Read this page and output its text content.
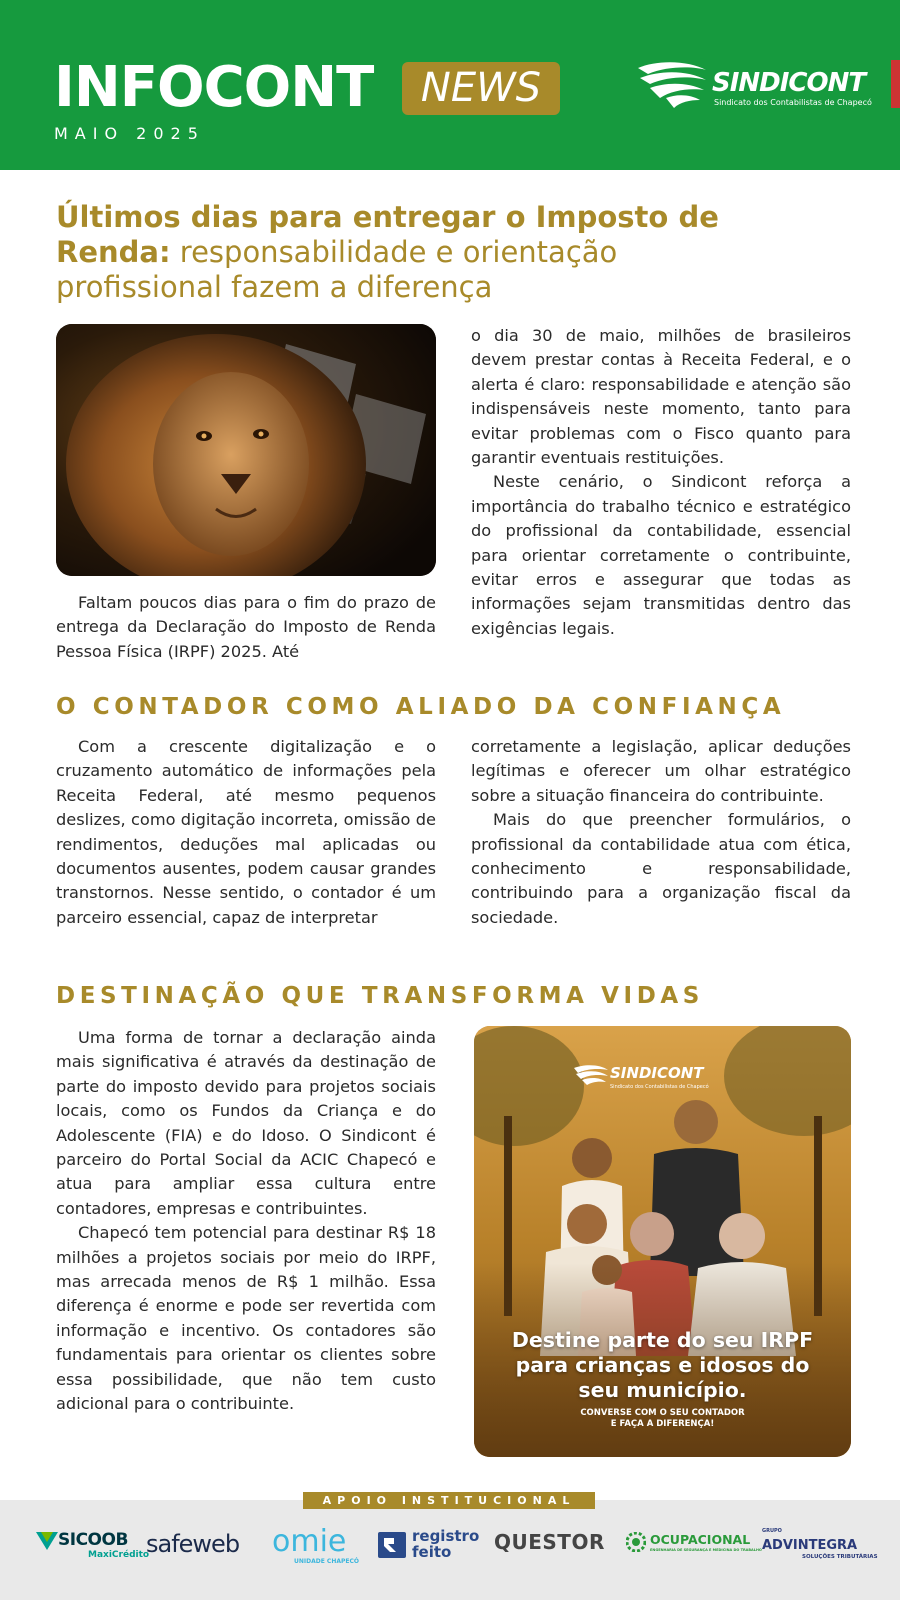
INFOCONT	NEWS
MAIO 2025
SINDICONT
Sindicato dos Contabilistas de Chapecó
Últimos dias para entregar o Imposto de Renda: responsabilidade e orientação profissional fazem a diferença

Faltam poucos dias para o fim do prazo de entrega da Declaração do Imposto de Renda Pessoa Física (IRPF) 2025. Até

o dia 30 de maio, milhões de brasileiros devem prestar contas à Receita Federal, e o alerta é claro: responsabilidade e atenção são indispensáveis neste momento, tanto para evitar problemas com o Fisco quanto para garantir eventuais restituições.

Neste cenário, o Sindicont reforça a importância do trabalho técnico e estratégico do profissional da contabilidade, essencial para orientar corretamente o contribuinte, evitar erros e assegurar que todas as informações sejam transmitidas dentro das exigências legais.

O CONTADOR COMO ALIADO DA CONFIANÇA

Com a crescente digitalização e o cruzamento automático de informações pela Receita Federal, até mesmo pequenos deslizes, como digitação incorreta, omissão de rendimentos, deduções mal aplicadas ou documentos ausentes, podem causar grandes transtornos. Nesse sentido, o contador é um parceiro essencial, capaz de interpretar

corretamente a legislação, aplicar deduções legítimas e oferecer um olhar estratégico sobre a situação financeira do contribuinte.

Mais do que preencher formulários, o profissional da contabilidade atua com ética, conhecimento e responsabilidade, contribuindo para a organização fiscal da sociedade.

DESTINAÇÃO QUE TRANSFORMA VIDAS

Uma forma de tornar a declaração ainda mais significativa é através da destinação de parte do imposto devido para projetos sociais locais, como os Fundos da Criança e do Adolescente (FIA) e do Idoso. O Sindicont é parceiro do Portal Social da ACIC Chapecó e atua para ampliar essa cultura entre contadores, empresas e contribuintes.

Chapecó tem potencial para destinar R$ 18 milhões a projetos sociais por meio do IRPF, mas arrecada menos de R$ 1 milhão. Essa diferença é enorme e pode ser revertida com informação e incentivo. Os contadores são fundamentais para orientar os clientes sobre essa possibilidade, que não tem custo adicional para o contribuinte.

SINDICONT
Sindicato dos Contabilistas de Chapecó
Destine parte do seu IRPF para crianças e idosos do seu município.
CONVERSE COM O SEU CONTADOR
E FAÇA A DIFERENÇA!
APOIO INSTITUCIONAL
SICOOB
MaxiCrédito
safeweb omie
UNIDADE CHAPECÓ
registro feito	QUESTOR	OCUPACIONAL
ENGENHARIA DE SEGURANÇA E MEDICINA DO TRABALHO
GRUPO
ADVINTEGRA
SOLUÇÕES TRIBUTÁRIAS
